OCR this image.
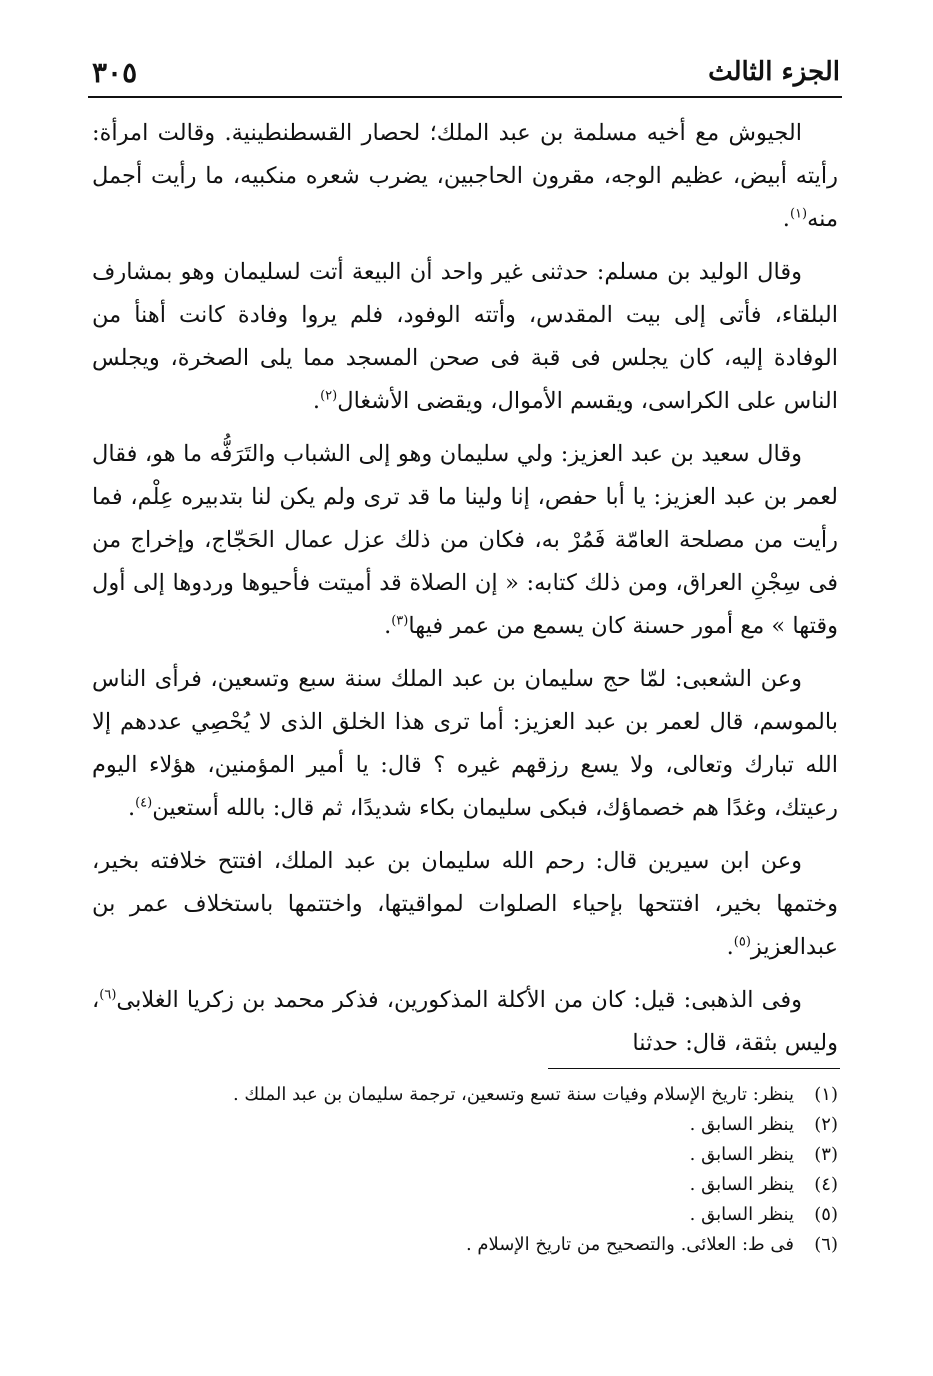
الجزء الثالث
٣٠٥

الجيوش مع أخيه مسلمة بن عبد الملك؛ لحصار القسطنطينية. وقالت امرأة: رأيته أبيض، عظيم الوجه، مقرون الحاجبين، يضرب شعره منكبيه، ما رأيت أجمل منه$^{(١)}$.

وقال الوليد بن مسلم: حدثنى غير واحد أن البيعة أتت لسليمان وهو بمشارف البلقاء، فأتى إلى بيت المقدس، وأتته الوفود، فلم يروا وفادة كانت أهنأ من الوفادة إليه، كان يجلس فى قبة فى صحن المسجد مما يلى الصخرة، ويجلس الناس على الكراسى، ويقسم الأموال، ويقضى الأشغال$^{(٢)}$.

وقال سعيد بن عبد العزيز: ولي سليمان وهو إلى الشباب والتَرَفُّه ما هو، فقال لعمر بن عبد العزيز: يا أبا حفص، إنا ولينا ما قد ترى ولم يكن لنا بتدبيره عِلْم، فما رأيت من مصلحة العامّة فَمُرْ به، فكان من ذلك عزل عمال الحَجّاج، وإخراج من فى سِجْنِ العراق، ومن ذلك كتابه: « إن الصلاة قد أميتت فأحيوها وردوها إلى أول وقتها » مع أمور حسنة كان يسمع من عمر فيها$^{(٣)}$.

وعن الشعبى: لمّا حج سليمان بن عبد الملك سنة سبع وتسعين، فرأى الناس بالموسم، قال لعمر بن عبد العزيز: أما ترى هذا الخلق الذى لا يُحْصِي عددهم إلا الله تبارك وتعالى، ولا يسع رزقهم غيره ؟ قال: يا أمير المؤمنين، هؤلاء اليوم رعيتك، وغدًا هم خصماؤك، فبكى سليمان بكاء شديدًا، ثم قال: بالله أستعين$^{(٤)}$.

وعن ابن سيرين قال: رحم الله سليمان بن عبد الملك، افتتح خلافته بخير، وختمها بخير، افتتحها بإحياء الصلوات لمواقيتها، واختتمها باستخلاف عمر بن عبدالعزيز$^{(٥)}$.

وفى الذهبى: قيل: كان من الأكلة المذكورين، فذكر محمد بن زكريا الغلابى$^{(٦)}$، وليس بثقة، قال: حدثنا

(١)
ينظر: تاريخ الإسلام وفيات سنة تسع وتسعين، ترجمة سليمان بن عبد الملك .
(٢)
ينظر السابق .
(٣)
ينظر السابق .
(٤)
ينظر السابق .
(٥)
ينظر السابق .
(٦)
فى ط: العلائى. والتصحيح من تاريخ الإسلام .
